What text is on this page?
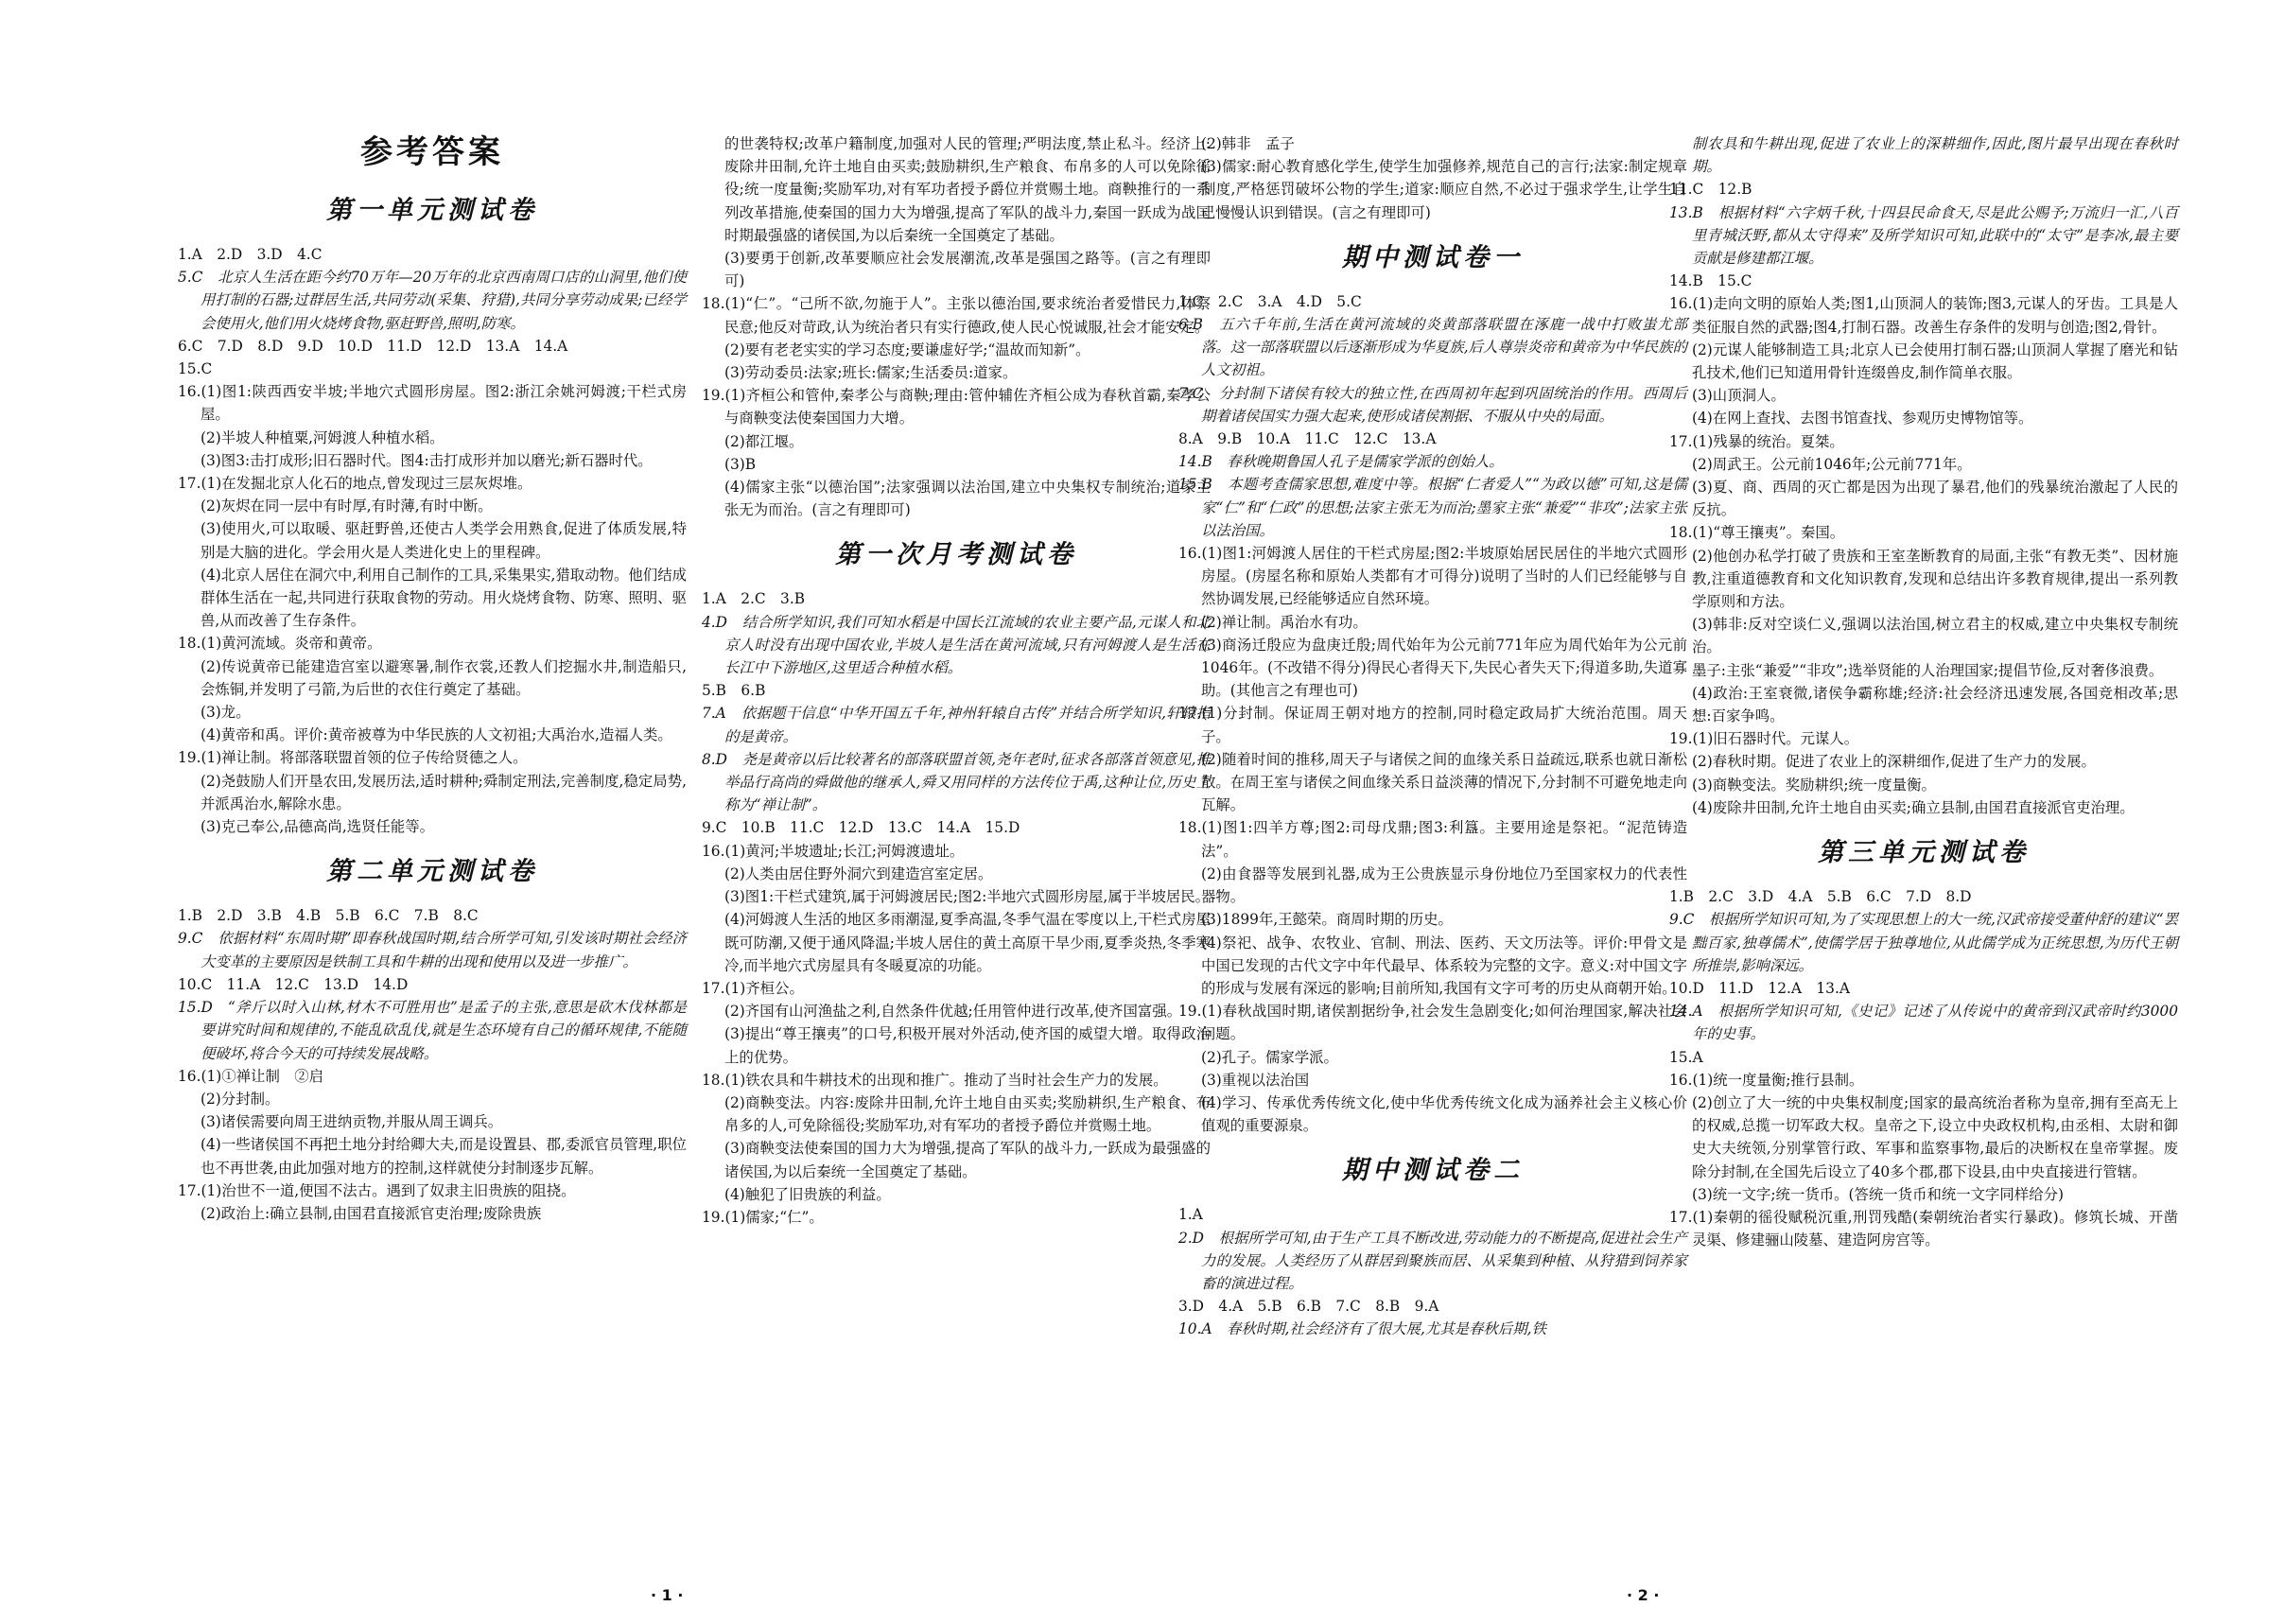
参考答案
第一单元测试卷
1.A　2.D　3.D　4.C
5.C　北京人生活在距今约70万年—20万年的北京西南周口店的山洞里,他们使用打制的石器;过群居生活,共同劳动(采集、狩猎),共同分享劳动成果;已经学会使用火,他们用火烧烤食物,驱赶野兽,照明,防寒。
6.C　7.D　8.D　9.D　10.D　11.D　12.D　13.A　14.A
15.C
16.(1)图1:陕西西安半坡;半地穴式圆形房屋。图2:浙江余姚河姆渡;干栏式房屋。
(2)半坡人种植粟,河姆渡人种植水稻。
(3)图3:击打成形;旧石器时代。图4:击打成形并加以磨光;新石器时代。
17.(1)在发掘北京人化石的地点,曾发现过三层灰烬堆。
(2)灰烬在同一层中有时厚,有时薄,有时中断。
(3)使用火,可以取暖、驱赶野兽,还使古人类学会用熟食,促进了体质发展,特别是大脑的进化。学会用火是人类进化史上的里程碑。
(4)北京人居住在洞穴中,利用自己制作的工具,采集果实,猎取动物。他们结成群体生活在一起,共同进行获取食物的劳动。用火烧烤食物、防寒、照明、驱兽,从而改善了生存条件。
18.(1)黄河流域。炎帝和黄帝。
(2)传说黄帝已能建造宫室以避寒暑,制作衣裳,还教人们挖掘水井,制造船只,会炼铜,并发明了弓箭,为后世的衣住行奠定了基础。
(3)龙。
(4)黄帝和禹。评价:黄帝被尊为中华民族的人文初祖;大禹治水,造福人类。
19.(1)禅让制。将部落联盟首领的位子传给贤德之人。
(2)尧鼓励人们开垦农田,发展历法,适时耕种;舜制定刑法,完善制度,稳定局势,并派禹治水,解除水患。
(3)克己奉公,品德高尚,选贤任能等。
第二单元测试卷
1.B　2.D　3.B　4.B　5.B　6.C　7.B　8.C
9.C　依据材料“东周时期”即春秋战国时期,结合所学可知,引发该时期社会经济大变革的主要原因是铁制工具和牛耕的出现和使用以及进一步推广。
10.C　11.A　12.C　13.D　14.D
15.D　“斧斤以时入山林,材木不可胜用也”是孟子的主张,意思是砍木伐林都是要讲究时间和规律的,不能乱砍乱伐,就是生态环境有自己的循环规律,不能随便破坏,将合今天的可持续发展战略。
16.(1)①禅让制　②启
(2)分封制。
(3)诸侯需要向周王进纳贡物,并服从周王调兵。
(4)一些诸侯国不再把土地分封给卿大夫,而是设置县、郡,委派官员管理,职位也不再世袭,由此加强对地方的控制,这样就使分封制逐步瓦解。
17.(1)治世不一道,便国不法古。遇到了奴隶主旧贵族的阻挠。
(2)政治上:确立县制,由国君直接派官吏治理;废除贵族
的世袭特权;改革户籍制度,加强对人民的管理;严明法度,禁止私斗。经济上:废除井田制,允许土地自由买卖;鼓励耕织,生产粮食、布帛多的人可以免除徭役;统一度量衡;奖励军功,对有军功者授予爵位并赏赐土地。商鞅推行的一系列改革措施,使秦国的国力大为增强,提高了军队的战斗力,秦国一跃成为战国时期最强盛的诸侯国,为以后秦统一全国奠定了基础。
(3)要勇于创新,改革要顺应社会发展潮流,改革是强国之路等。(言之有理即可)
18.(1)“仁”。“己所不欲,勿施于人”。主张以德治国,要求统治者爱惜民力,体察民意;他反对苛政,认为统治者只有实行德政,使人民心悦诚服,社会才能安定。
(2)要有老老实实的学习态度;要谦虚好学;“温故而知新”。
(3)劳动委员:法家;班长:儒家;生活委员:道家。
19.(1)齐桓公和管仲,秦孝公与商鞅;理由:管仲辅佐齐桓公成为春秋首霸,秦孝公与商鞅变法使秦国国力大增。
(2)都江堰。
(3)B
(4)儒家主张“以德治国”;法家强调以法治国,建立中央集权专制统治;道家主张无为而治。(言之有理即可)
第一次月考测试卷
1.A　2.C　3.B
4.D　结合所学知识,我们可知水稻是中国长江流域的农业主要产品,元谋人和北京人时没有出现中国农业,半坡人是生活在黄河流域,只有河姆渡人是生活在长江中下游地区,这里适合种植水稻。
5.B　6.B
7.A　依据题干信息“中华开国五千年,神州轩辕自古传”并结合所学知识,轩辕指的是黄帝。
8.D　尧是黄帝以后比较著名的部落联盟首领,尧年老时,征求各部落首领意见,推举品行高尚的舜做他的继承人,舜又用同样的方法传位于禹,这种让位,历史上称为“禅让制”。
9.C　10.B　11.C　12.D　13.C　14.A　15.D
16.(1)黄河;半坡遗址;长江;河姆渡遗址。
(2)人类由居住野外洞穴到建造宫室定居。
(3)图1:干栏式建筑,属于河姆渡居民;图2:半地穴式圆形房屋,属于半坡居民。
(4)河姆渡人生活的地区多雨潮湿,夏季高温,冬季气温在零度以上,干栏式房屋既可防潮,又便于通风降温;半坡人居住的黄土高原干旱少雨,夏季炎热,冬季寒冷,而半地穴式房屋具有冬暖夏凉的功能。
17.(1)齐桓公。
(2)齐国有山河渔盐之利,自然条件优越;任用管仲进行改革,使齐国富强。
(3)提出“尊王攘夷”的口号,积极开展对外活动,使齐国的威望大增。取得政治上的优势。
18.(1)铁农具和牛耕技术的出现和推广。推动了当时社会生产力的发展。
(2)商鞅变法。内容:废除井田制,允许土地自由买卖;奖励耕织,生产粮食、布帛多的人,可免除徭役;奖励军功,对有军功的者授予爵位并赏赐土地。
(3)商鞅变法使秦国的国力大为增强,提高了军队的战斗力,一跃成为最强盛的诸侯国,为以后秦统一全国奠定了基础。
(4)触犯了旧贵族的利益。
19.(1)儒家;“仁”。
(2)韩非　孟子
(3)儒家:耐心教育感化学生,使学生加强修养,规范自己的言行;法家:制定规章制度,严格惩罚破坏公物的学生;道家:顺应自然,不必过于强求学生,让学生自己慢慢认识到错误。(言之有理即可)
期中测试卷一
1.C　2.C　3.A　4.D　5.C
6.B　五六千年前,生活在黄河流域的炎黄部落联盟在涿鹿一战中打败蚩尤部落。这一部落联盟以后逐渐形成为华夏族,后人尊崇炎帝和黄帝为中华民族的人文初祖。
7.C　分封制下诸侯有较大的独立性,在西周初年起到巩固统治的作用。西周后期着诸侯国实力强大起来,使形成诸侯割据、不服从中央的局面。
8.A　9.B　10.A　11.C　12.C　13.A
14.B　春秋晚期鲁国人孔子是儒家学派的创始人。
15.B　本题考查儒家思想,难度中等。根据“仁者爱人”“为政以德”可知,这是儒家“仁”和“仁政”的思想;法家主张无为而治;墨家主张“兼爱”“非攻”;法家主张以法治国。
16.(1)图1:河姆渡人居住的干栏式房屋;图2:半坡原始居民居住的半地穴式圆形房屋。(房屋名称和原始人类都有才可得分)说明了当时的人们已经能够与自然协调发展,已经能够适应自然环境。
(2)禅让制。禹治水有功。
(3)商汤迁殷应为盘庚迁殷;周代始年为公元前771年应为周代始年为公元前1046年。(不改错不得分)得民心者得天下,失民心者失天下;得道多助,失道寡助。(其他言之有理也可)
17.(1)分封制。保证周王朝对地方的控制,同时稳定政局扩大统治范围。周天子。
(2)随着时间的推移,周天子与诸侯之间的血缘关系日益疏远,联系也就日渐松散。在周王室与诸侯之间血缘关系日益淡薄的情况下,分封制不可避免地走向瓦解。
18.(1)图1:四羊方尊;图2:司母戊鼎;图3:利簋。主要用途是祭祀。“泥范铸造法”。
(2)由食器等发展到礼器,成为王公贵族显示身份地位乃至国家权力的代表性器物。
(3)1899年,王懿荣。商周时期的历史。
(4)祭祀、战争、农牧业、官制、刑法、医药、天文历法等。评价:甲骨文是中国已发现的古代文字中年代最早、体系较为完整的文字。意义:对中国文字的形成与发展有深远的影响;目前所知,我国有文字可考的历史从商朝开始。
19.(1)春秋战国时期,诸侯割据纷争,社会发生急剧变化;如何治理国家,解决社会问题。
(2)孔子。儒家学派。
(3)重视以法治国
(4)学习、传承优秀传统文化,使中华优秀传统文化成为涵养社会主义核心价值观的重要源泉。
期中测试卷二
1.A
2.D　根据所学可知,由于生产工具不断改进,劳动能力的不断提高,促进社会生产力的发展。人类经历了从群居到聚族而居、从采集到种植、从狩猎到饲养家畜的演进过程。
3.D　4.A　5.B　6.B　7.C　8.B　9.A
10.A　春秋时期,社会经济有了很大展,尤其是春秋后期,铁
制农具和牛耕出现,促进了农业上的深耕细作,因此,图片最早出现在春秋时期。
11.C　12.B
13.B　根据材料“六字炳千秋,十四县民命食天,尽是此公赐予;万流归一汇,八百里青城沃野,都从太守得来”及所学知识可知,此联中的“太守”是李冰,最主要贡献是修建都江堰。
14.B　15.C
16.(1)走向文明的原始人类;图1,山顶洞人的装饰;图3,元谋人的牙齿。工具是人类征服自然的武器;图4,打制石器。改善生存条件的发明与创造;图2,骨针。
(2)元谋人能够制造工具;北京人已会使用打制石器;山顶洞人掌握了磨光和钻孔技术,他们已知道用骨针连缀兽皮,制作简单衣服。
(3)山顶洞人。
(4)在网上查找、去图书馆查找、参观历史博物馆等。
17.(1)残暴的统治。夏桀。
(2)周武王。公元前1046年;公元前771年。
(3)夏、商、西周的灭亡都是因为出现了暴君,他们的残暴统治激起了人民的反抗。
18.(1)“尊王攘夷”。秦国。
(2)他创办私学打破了贵族和王室垄断教育的局面,主张“有教无类”、因材施教,注重道德教育和文化知识教育,发现和总结出许多教育规律,提出一系列教学原则和方法。
(3)韩非:反对空谈仁义,强调以法治国,树立君主的权威,建立中央集权专制统治。
墨子:主张“兼爱”“非攻”;选举贤能的人治理国家;提倡节俭,反对奢侈浪费。
(4)政治:王室衰微,诸侯争霸称雄;经济:社会经济迅速发展,各国竞相改革;思想:百家争鸣。
19.(1)旧石器时代。元谋人。
(2)春秋时期。促进了农业上的深耕细作,促进了生产力的发展。
(3)商鞅变法。奖励耕织;统一度量衡。
(4)废除井田制,允许土地自由买卖;确立县制,由国君直接派官吏治理。
第三单元测试卷
1.B　2.C　3.D　4.A　5.B　6.C　7.D　8.D
9.C　根据所学知识可知,为了实现思想上的大一统,汉武帝接受董仲舒的建议“罢黜百家,独尊儒术”,使儒学居于独尊地位,从此儒学成为正统思想,为历代王朝所推崇,影响深远。
10.D　11.D　12.A　13.A
14.A　根据所学知识可知,《史记》记述了从传说中的黄帝到汉武帝时约3000年的史事。
15.A
16.(1)统一度量衡;推行县制。
(2)创立了大一统的中央集权制度;国家的最高统治者称为皇帝,拥有至高无上的权威,总揽一切军政大权。皇帝之下,设立中央政权机构,由丞相、太尉和御史大夫统领,分别掌管行政、军事和监察事物,最后的决断权在皇帝掌握。废除分封制,在全国先后设立了40多个郡,郡下设县,由中央直接进行管辖。
(3)统一文字;统一货币。(答统一货币和统一文字同样给分)
17.(1)秦朝的徭役赋税沉重,刑罚残酷(秦朝统治者实行暴政)。修筑长城、开凿灵渠、修建骊山陵墓、建造阿房宫等。
· 1 ·	· 2 ·
